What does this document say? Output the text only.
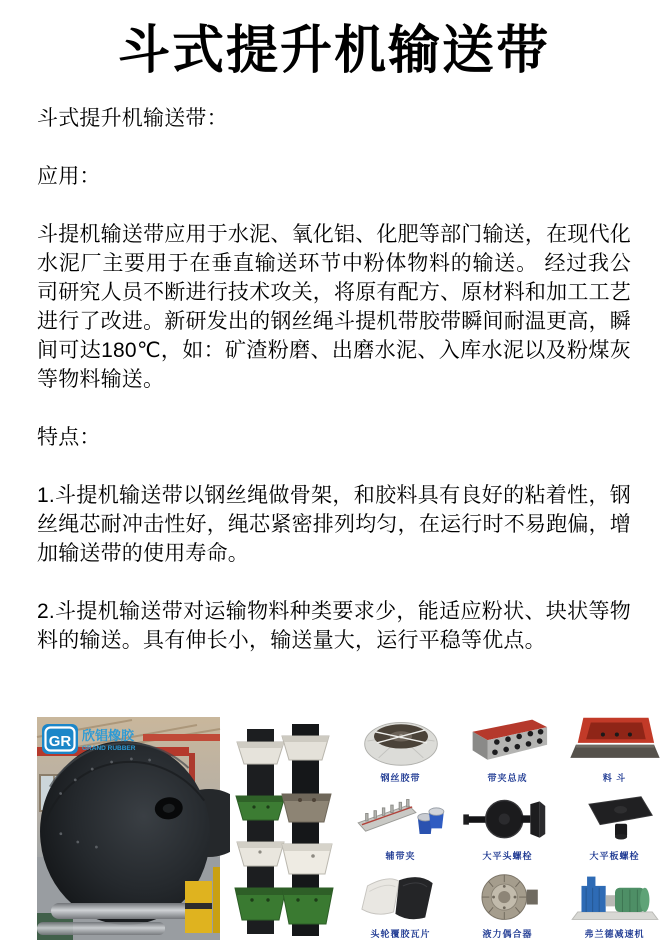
斗式提升机输送带

斗式提升机输送带：

应用：

斗提机输送带应用于水泥、氧化铝、化肥等部门输送，在现代化水泥厂主要用于在垂直输送环节中粉体物料的输送。 经过我公司研究人员不断进行技术攻关，将原有配方、原材料和加工工艺进行了改进。新研发出的钢丝绳斗提机带胶带瞬间耐温更高，瞬间可达180℃，如：矿渣粉磨、出磨水泥、入库水泥以及粉煤灰等物料输送。

特点：

1.斗提机输送带以钢丝绳做骨架，和胶料具有良好的粘着性，钢丝绳芯耐冲击性好，绳芯紧密排列均匀，在运行时不易跑偏，增加输送带的使用寿命。

2.斗提机输送带对运输物料种类要求少，能适应粉状、块状等物料的输送。具有伸长小，输送量大，运行平稳等优点。

GR 欣锠橡胶
GRAND RUBBER
钢丝胶带	带夹总成	料 斗
辅带夹	大平头螺栓	大平板螺栓
头轮覆胶瓦片	液力偶合器	弗兰德减速机
